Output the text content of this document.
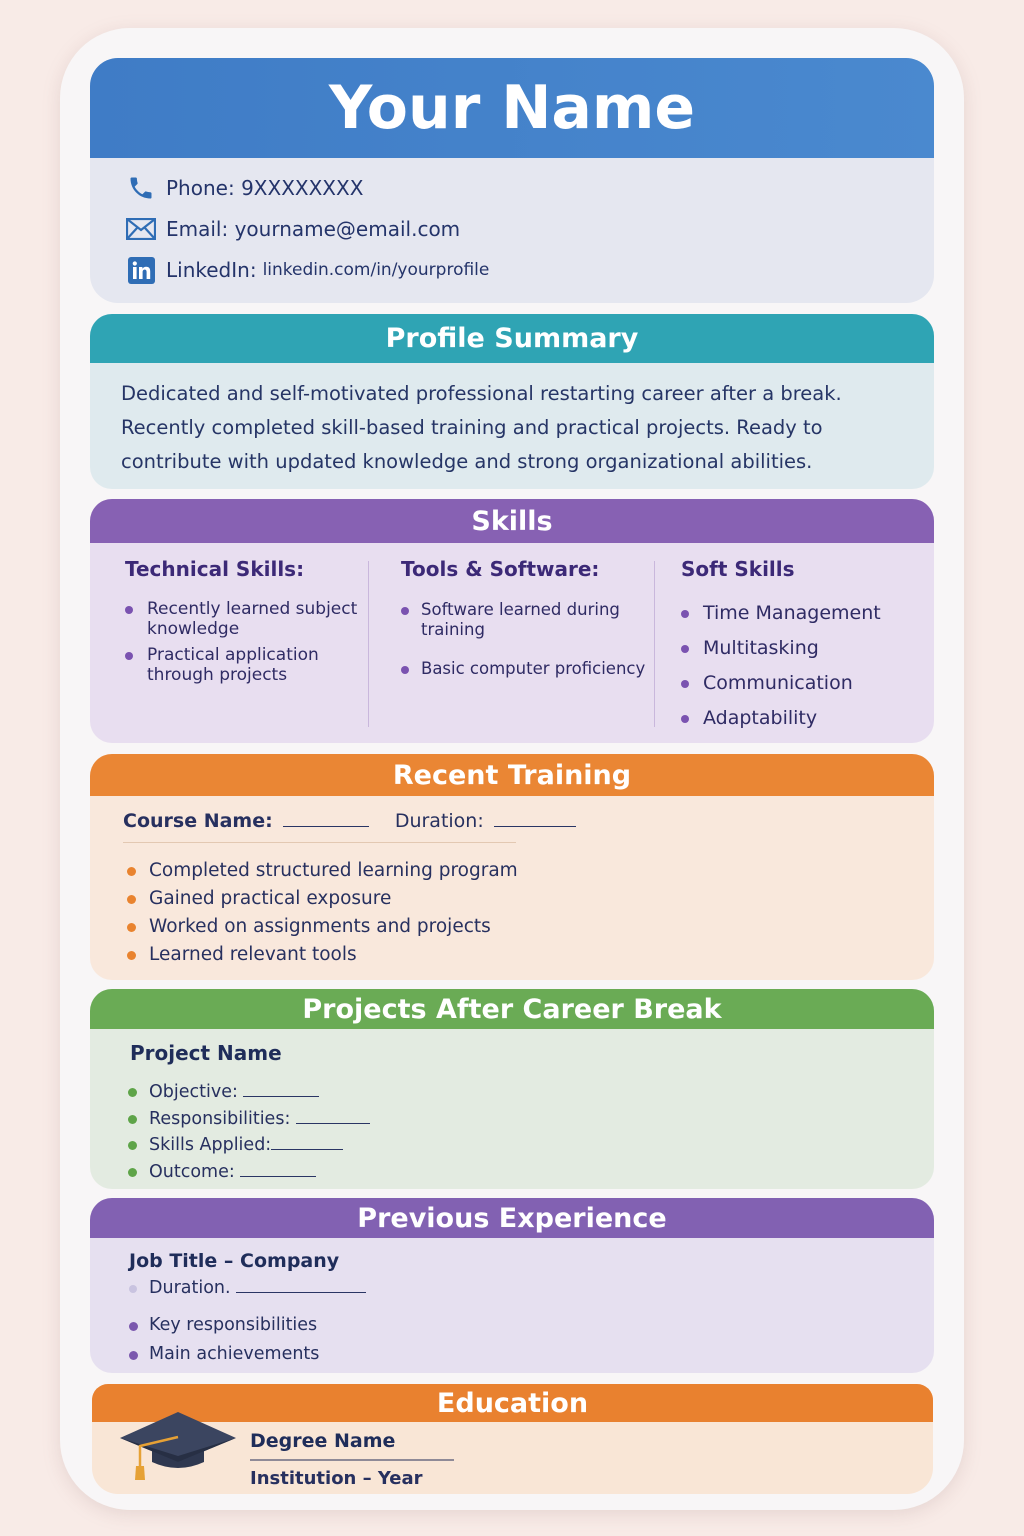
Your Name
Phone:
9XXXXXXXX
Email:
yourname@email.com
LinkedIn: linkedin.com/in/yourprofile
Profile Summary

Dedicated and self-motivated professional restarting career after a break. Recently completed skill-based training and practical projects. Ready to contribute with updated knowledge and strong organizational abilities.

Skills
Technical Skills:
Recently learned subject knowledge
Practical application through projects
Tools & Software:
Software learned during training
Basic computer proficiency
Soft Skills
Time Management
Multitasking
Communication
Adaptability
Recent Training
Course Name:	Duration:
Completed structured learning program
Gained practical exposure
Worked on assignments and projects
Learned relevant tools
Projects After Career Break
Project Name
Objective:
Responsibilities:
Skills Applied:
Outcome:
Previous Experience
Job Title – Company
Duration.
Key responsibilities
Main achievements
Education
Degree Name
Institution – Year
